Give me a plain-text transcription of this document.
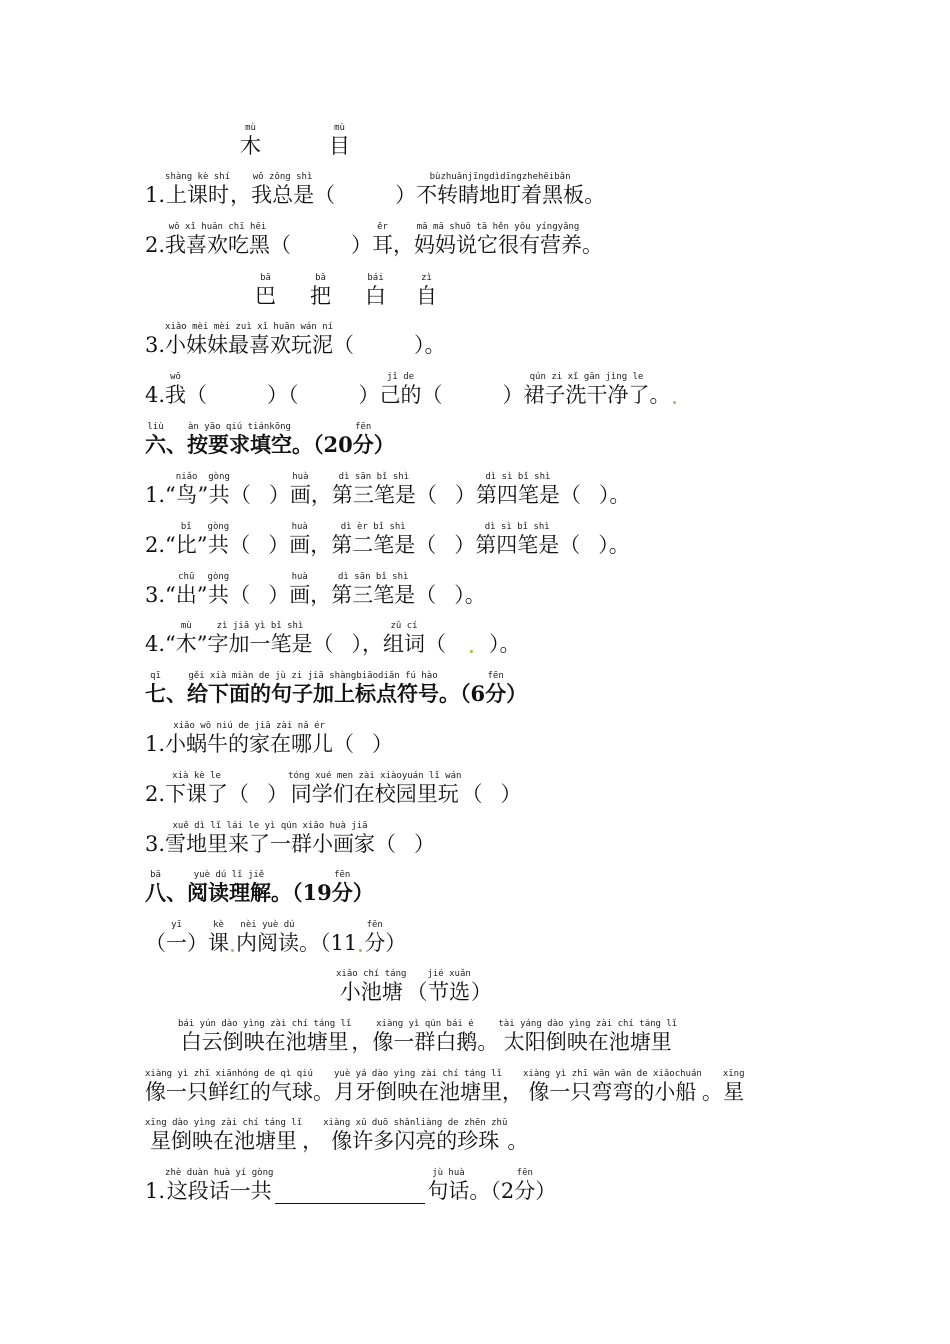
mù
木
mù
目
1.
shàng kè shí
上课时 ，
wǒ zǒng shì
我总是 （	）
bùzhuǎnjīngdìdīngzhehēibǎn
不转睛地盯着黑板 。
2.
wǒ xǐ huān chī hēi
我喜欢吃黑 （	）
ěr
耳 ，
mā mā shuō tā hěn yǒu yíngyǎng
妈妈说它很有营养 。
bā
巴
bǎ
把
bái
白
zì
自
3.
xiǎo mèi mèi zuì xǐ huān wán ní
小妹妹最喜欢玩泥 （	）。
4.
wǒ
我 （	）（	）
jǐ de
己的 （	）
qún zi xǐ gān jìng le
裙子洗干净了 。
liù
六 、
àn yāo qiú tiánkōng
按要求填空 。（20
fēn
分 ）
1.“
niǎo
鸟 ”
gòng
共 （ ）
huà
画 ，
dì sān bǐ shì
第三笔是 （ ）
dì sì bǐ shì
第四笔是 （ ）。
2.“
bǐ
比 ”
gòng
共 （ ）
huà
画 ，
dì èr bǐ shì
第二笔是 （ ）
dì sì bǐ shì
第四笔是 （ ）。
3.“
chū
出 ”
gòng
共 （ ）
huà
画 ，
dì sān bǐ shì
第三笔是 （ ）。
4.“
mù
木 ”
zì jiā yì bǐ shì
字加一笔是 （ ），
zǔ cí
组词 （ ）。
qī
七 、
gěi xià miàn de jù zi jiā shàngbiāodiǎn fú hào
给下面的句子加上标点符号 。（6
fēn
分 ）
1.
xiǎo wō niú de jiā zài nǎ ér
小蜗牛的家在哪儿 （ ）
2.
xià kè le
下课了 （ ）
tóng xué men zài xiàoyuán lǐ wán
同学们在校园里玩 （ ）
3.
xuě dì lǐ lái le yì qún xiǎo huà jiā
雪地里来了一群小画家 （ ）
bā
八 、
yuè dú lǐ jiě
阅读理解 。（19
fēn
分 ）
（
yī
一 ）
kè
课
nèi yuè dú
内阅读 。（11
fēn
分 ）
xiǎo chí táng
小池塘 （
jié xuǎn
节选 ）
bái yún dào yìng zài chí táng lǐ
白云倒映在池塘里 ，
xiàng yì qún bái é
像一群白鹅 。
tài yáng dào yìng zài chí táng lǐ
太阳倒映在池塘里
xiàng yì zhī xiānhóng de qì qiú
像一只鲜红的气球 。
yuè yá dào yìng zài chí táng lǐ
月牙倒映在池塘里 ，
xiàng yì zhī wān wān de xiǎochuán
像一只弯弯的小船 。
xīng
星
xīng dào yìng zài chí táng lǐ
星倒映在池塘里 ，
xiàng xǔ duō shǎnliàng de zhēn zhū
像许多闪亮的珍珠 。
1.
zhè duàn huà yí gòng
这段话一共
jù huà
句话 。（2
fēn
分 ）
